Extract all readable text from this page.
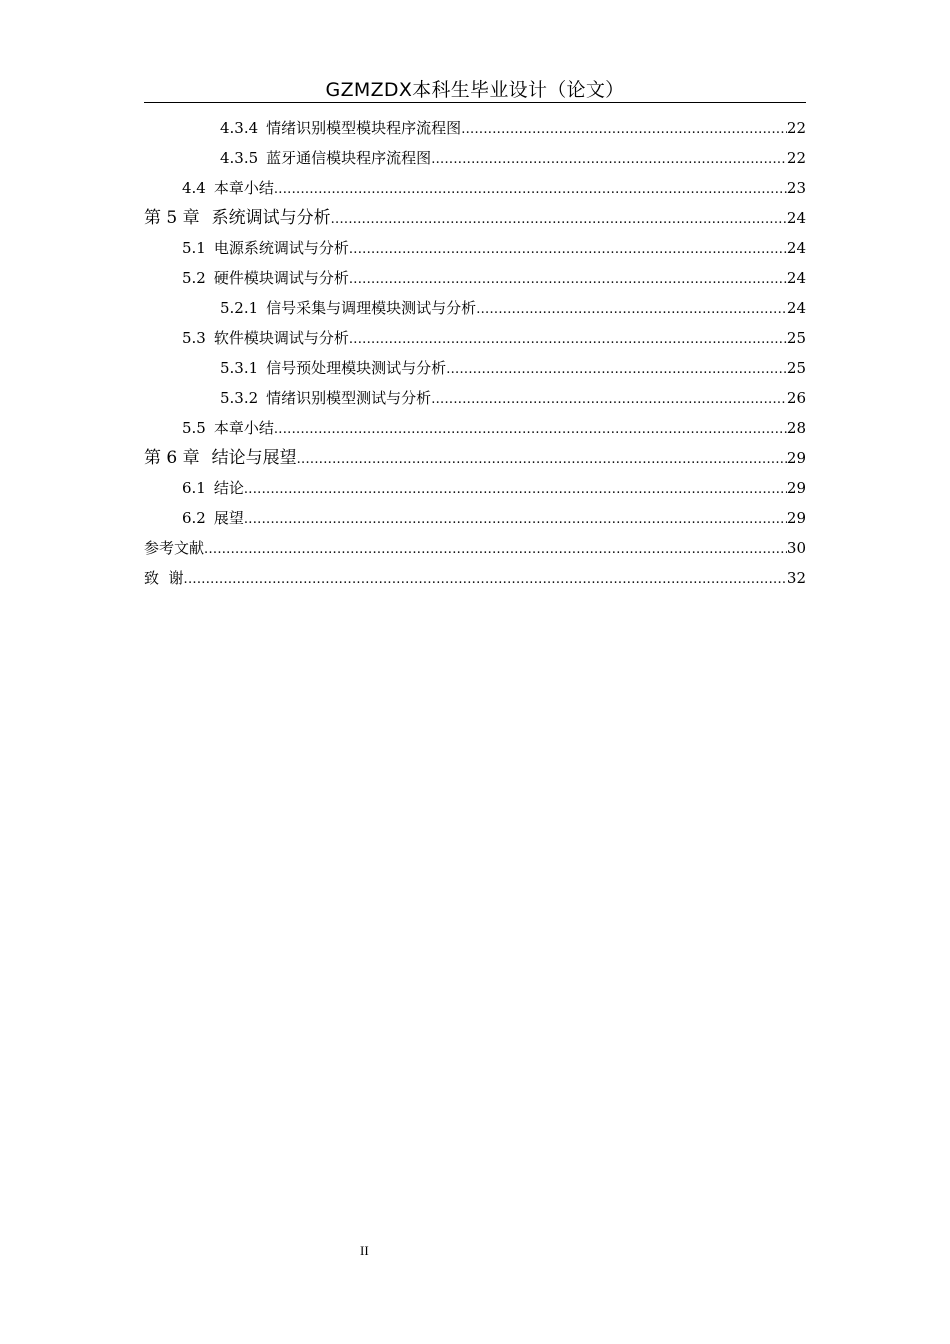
GZMZDX本科生毕业设计（论文）
4.3.4 情绪识别模型模块程序流程图 .....	22
4.3.5 蓝牙通信模块程序流程图 .....	22
4.4 本章小结 .....	23
第 5 章 系统调试与分析 .....	24
5.1 电源系统调试与分析 .....	24
5.2 硬件模块调试与分析 .....	24
5.2.1 信号采集与调理模块测试与分析 .....	24
5.3 软件模块调试与分析 .....	25
5.3.1 信号预处理模块测试与分析 .....	25
5.3.2 情绪识别模型测试与分析 .....	26
5.5 本章小结 .....	28
第 6 章 结论与展望 .....	29
6.1 结论 .....	29
6.2 展望 .....	29
参考文献 .....	30
致  谢 .....	32
II
